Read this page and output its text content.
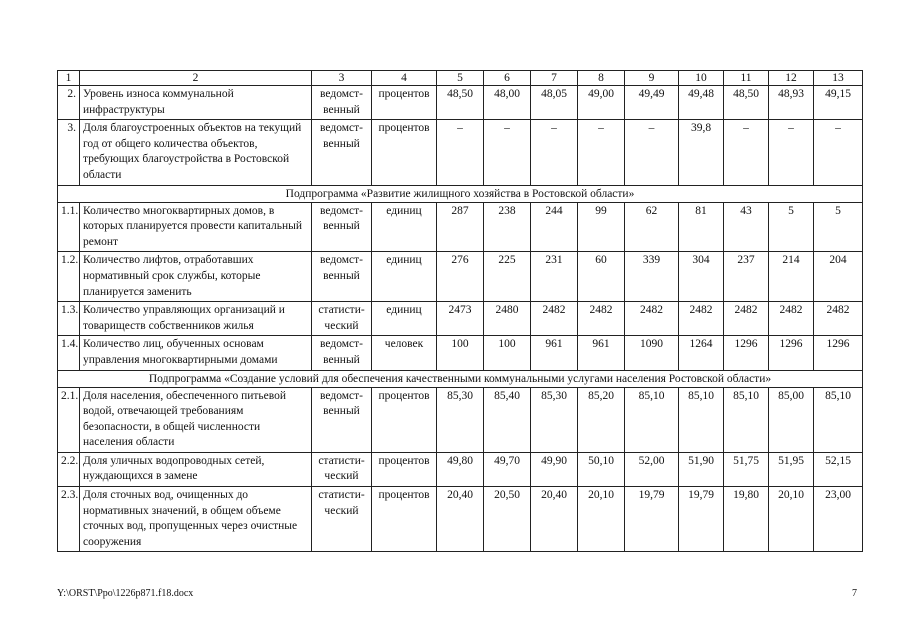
1	2	3	4	5	6	7	8	9	10	11	12	13
2.	Уровень износа коммунальной инфраструктуры	ведомст-венный	процентов	48,50	48,00	48,05	49,00	49,49	49,48	48,50	48,93	49,15
3.	Доля благоустроенных объектов на текущий год от общего количества объектов, требующих благоустройства в Ростовской области	ведомст-венный	процентов	–	–	–	–	–	39,8	–	–	–
Подпрограмма «Развитие жилищного хозяйства в Ростовской области»												
1.1.	Количество многоквартирных домов, в которых планируется провести капитальный ремонт	ведомст-венный	единиц	287	238	244	99	62	81	43	5	5
1.2.	Количество лифтов, отработавших нормативный срок службы, которые планируется заменить	ведомст-венный	единиц	276	225	231	60	339	304	237	214	204
1.3.	Количество управляющих организаций и товариществ собственников жилья	статисти-ческий	единиц	2473	2480	2482	2482	2482	2482	2482	2482	2482
1.4.	Количество лиц, обученных основам управления многоквартирными домами	ведомст-венный	человек	100	100	961	961	1090	1264	1296	1296	1296
Подпрограмма «Создание условий для обеспечения качественными коммунальными услугами населения Ростовской области»												
2.1.	Доля населения, обеспеченного питьевой водой, отвечающей требованиям безопасности, в общей численности населения области	ведомст-венный	процентов	85,30	85,40	85,30	85,20	85,10	85,10	85,10	85,00	85,10
2.2.	Доля уличных водопроводных сетей, нуждающихся в замене	статисти-ческий	процентов	49,80	49,70	49,90	50,10	52,00	51,90	51,75	51,95	52,15
2.3.	Доля сточных вод, очищенных до нормативных значений, в общем объеме сточных вод, пропущенных через очистные сооружения	статисти-ческий	процентов	20,40	20,50	20,40	20,10	19,79	19,79	19,80	20,10	23,00
Y:\ORST\Ppo\1226p871.f18.docx	7
